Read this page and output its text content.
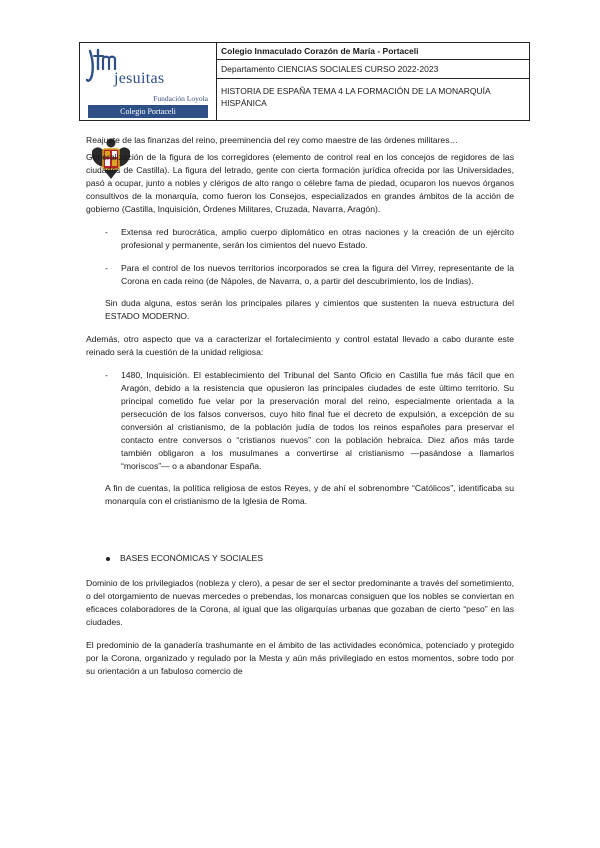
jesuitas
Fundación Loyola
Colegio Portaceli
Colegio Inmaculado Corazón de María - Portaceli
Departamento CIENCIAS SOCIALES CURSO 2022-2023
HISTORIA DE ESPAÑA TEMA 4 LA FORMACIÓN DE LA MONARQUÍA HISPÁNICA

Reajuste de las finanzas del reino, preeminencia del rey como maestre de las órdenes militares…

Generalización de la figura de los corregidores (elemento de control real en los concejos de regidores de las ciudades de Castilla). La figura del letrado, gente con cierta formación jurídica ofrecida por las Universidades, pasó a ocupar, junto a nobles y clérigos de alto rango o célebre fama de piedad, ocuparon los nuevos órganos consultivos de la monarquía, como fueron los Consejos, especializados en grandes ámbitos de la acción de gobierno (Castilla, Inquisición, Órdenes Militares, Cruzada, Navarra, Aragón).

- Extensa red burocrática, amplio cuerpo diplomático en otras naciones y la creación de un ejército profesional y permanente, serán los cimientos del nuevo Estado.

- Para el control de los nuevos territorios incorporados se crea la figura del Virrey, representante de la Corona en cada reino (de Nápoles, de Navarra, o, a partir del descubrimiento, los de Indias).

Sin duda alguna, estos serán los principales pilares y cimientos que sustenten la nueva estructura del ESTADO MODERNO.

Además, otro aspecto que va a caracterizar el fortalecimiento y control estatal llevado a cabo durante este reinado será la cuestión de la unidad religiosa:

- 1480, Inquisición. El establecimiento del Tribunal del Santo Oficio en Castilla fue más fácil que en Aragón, debido a la resistencia que opusieron las principales ciudades de este último territorio. Su principal cometido fue velar por la preservación moral del reino, especialmente orientada a la persecución de los falsos conversos, cuyo hito final fue el decreto de expulsión, a excepción de su conversión al cristianismo, de la población judía de todos los reinos españoles para preservar el contacto entre conversos o “cristianos nuevos” con la población hebraica. Diez años más tarde también obligaron a los musulmanes a convertirse al cristianismo —pasándose a llamarlos “moriscos”— o a abandonar España.

A fin de cuentas, la política religiosa de estos Reyes, y de ahí el sobrenombre “Católicos”, identificaba su monarquía con el cristianismo de la Iglesia de Roma.

BASES ECONÓMICAS Y SOCIALES

Dominio de los privilegiados (nobleza y clero), a pesar de ser el sector predominante a través del sometimiento, o del otorgamiento de nuevas mercedes o prebendas, los monarcas consiguen que los nobles se conviertan en eficaces colaboradores de la Corona, al igual que las oligarquías urbanas que gozaban de cierto “peso” en las ciudades.

El predominio de la ganadería trashumante en el ámbito de las actividades económica, potenciado y protegido por la Corona, organizado y regulado por la Mesta y aún más privilegiado en estos momentos, sobre todo por su orientación a un fabuloso comercio de
